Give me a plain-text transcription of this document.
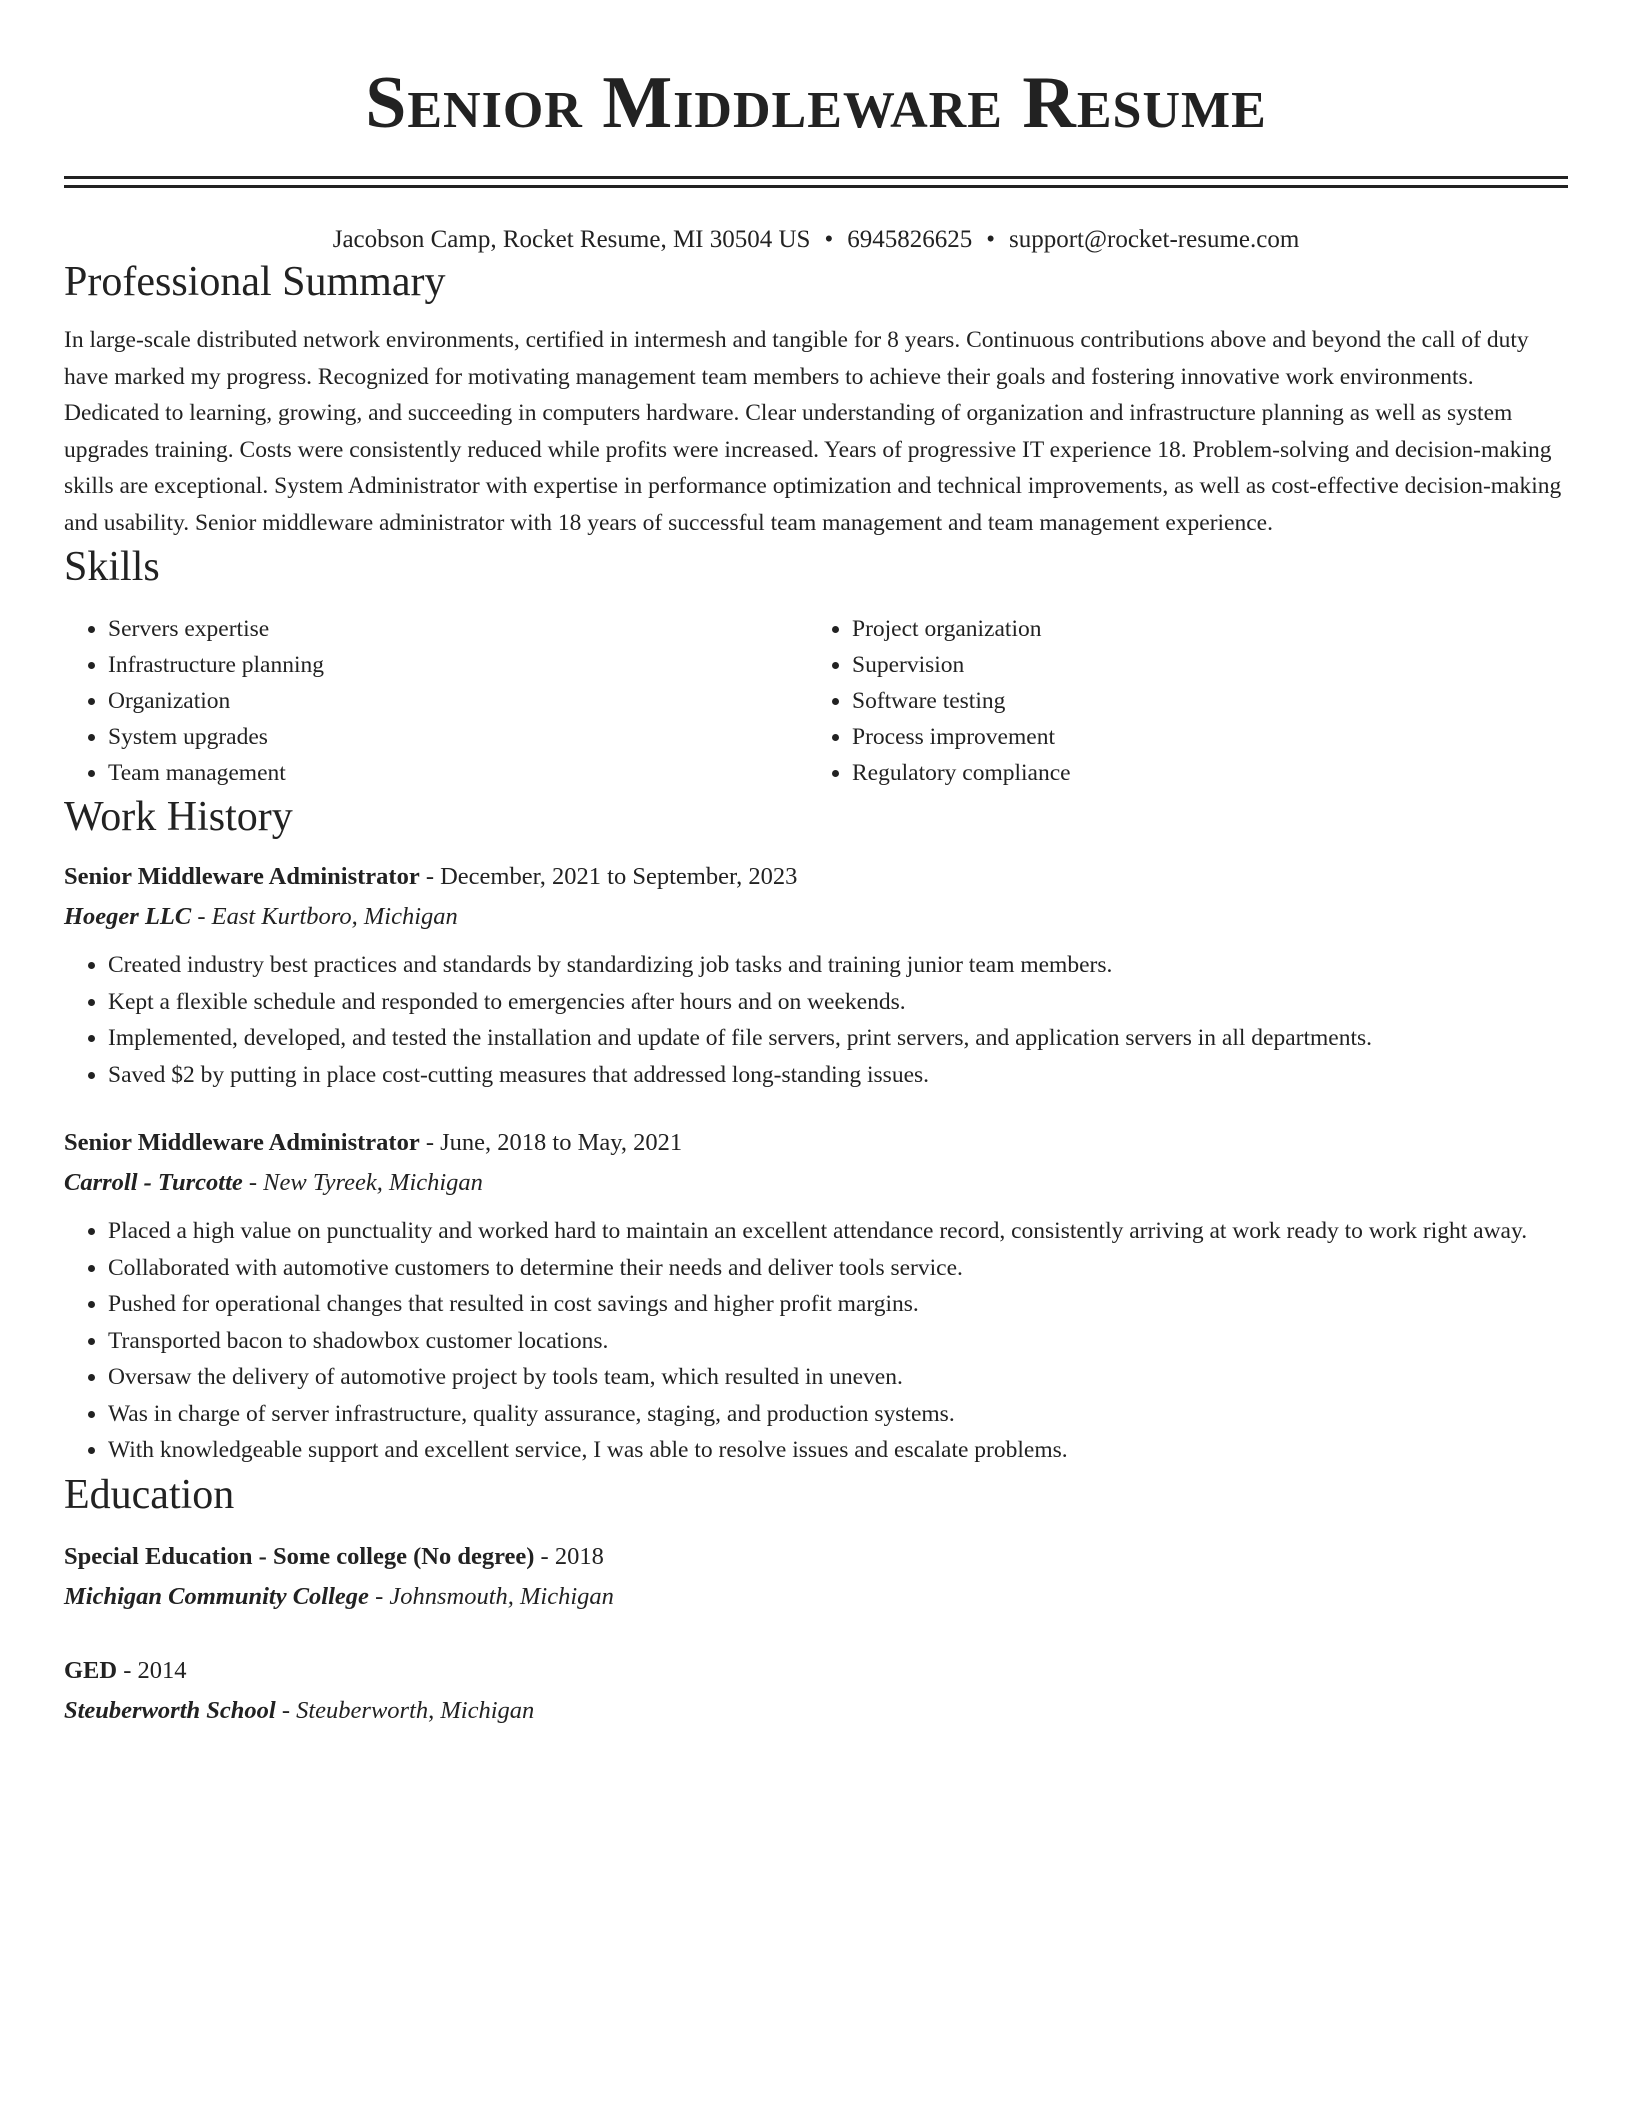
Senior Middleware Resume
Jacobson Camp, Rocket Resume, MI 30504 US • 6945826625 • support@rocket-resume.com
Professional Summary
In large-scale distributed network environments, certified in intermesh and tangible for 8 years. Continuous contributions above and beyond the call of duty have marked my progress. Recognized for motivating management team members to achieve their goals and fostering innovative work environments. Dedicated to learning, growing, and succeeding in computers hardware. Clear understanding of organization and infrastructure planning as well as system upgrades training. Costs were consistently reduced while profits were increased. Years of progressive IT experience 18. Problem-solving and decision-making skills are exceptional. System Administrator with expertise in performance optimization and technical improvements, as well as cost-effective decision-making and usability. Senior middleware administrator with 18 years of successful team management and team management experience.
Skills
• Servers expertise
• Infrastructure planning
• Organization
• System upgrades
• Team management
• Project organization
• Supervision
• Software testing
• Process improvement
• Regulatory compliance
Work History
Senior Middleware Administrator - December, 2021 to September, 2023
Hoeger LLC - East Kurtboro, Michigan
• Created industry best practices and standards by standardizing job tasks and training junior team members.
• Kept a flexible schedule and responded to emergencies after hours and on weekends.
• Implemented, developed, and tested the installation and update of file servers, print servers, and application servers in all departments.
• Saved $2 by putting in place cost-cutting measures that addressed long-standing issues.
Senior Middleware Administrator - June, 2018 to May, 2021
Carroll - Turcotte - New Tyreek, Michigan
• Placed a high value on punctuality and worked hard to maintain an excellent attendance record, consistently arriving at work ready to work right away.
• Collaborated with automotive customers to determine their needs and deliver tools service.
• Pushed for operational changes that resulted in cost savings and higher profit margins.
• Transported bacon to shadowbox customer locations.
• Oversaw the delivery of automotive project by tools team, which resulted in uneven.
• Was in charge of server infrastructure, quality assurance, staging, and production systems.
• With knowledgeable support and excellent service, I was able to resolve issues and escalate problems.
Education
Special Education - Some college (No degree) - 2018
Michigan Community College - Johnsmouth, Michigan
GED - 2014
Steuberworth School - Steuberworth, Michigan
